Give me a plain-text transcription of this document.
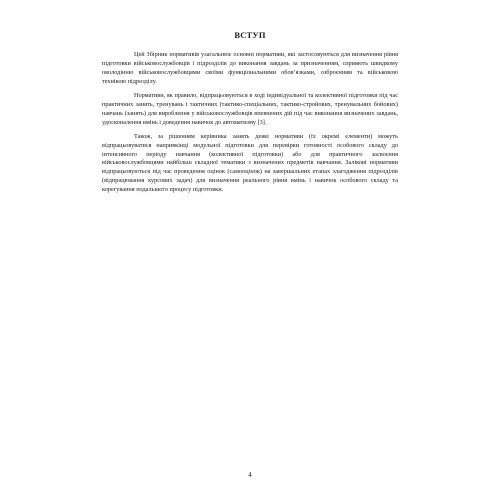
ВСТУП

Цей Збірник нормативів узагальнює основні нормативи, які застосовуються для визначення рівня підготовки військовослужбовців і підрозділів до виконання завдань за призначенням, сприяють швидкому оволодінню військовослужбовцями своїми функціональними обов’язками, озброєнням та військовою технікою підрозділу.

Нормативи, як правило, відпрацьовуються в ході індивідуальної та колективної підготовки під час практичних занять, тренувань і тактичних (тактико-спеціальних, тактико-стройових, тренувальних бойових) навчань (занять) для вироблення у військовослужбовців впевнених дій під час виконання визначених завдань, удосконалення вмінь і доведення навичок до автоматизму [3].

Також, за рішенням керівника занять деякі нормативи (їх окремі елементи) можуть відпрацьовуватися напривкінці модульної підготовки для перевірки готовності особового складу до інтенсивного періоду навчання (колективної підготовки) або для практичного засвоєння військовослужбовцями найбільш складної тематики з визначених предметів навчання. Залікові нормативи відпрацьовуються під час проведення оцінок (самооцінок) на завершальних етапах злагодження підрозділів (відпрацювання курсових задач) для визначення реального рівня вмінь і навичок особового складу та корегування подальшого процесу підготовки.

4
